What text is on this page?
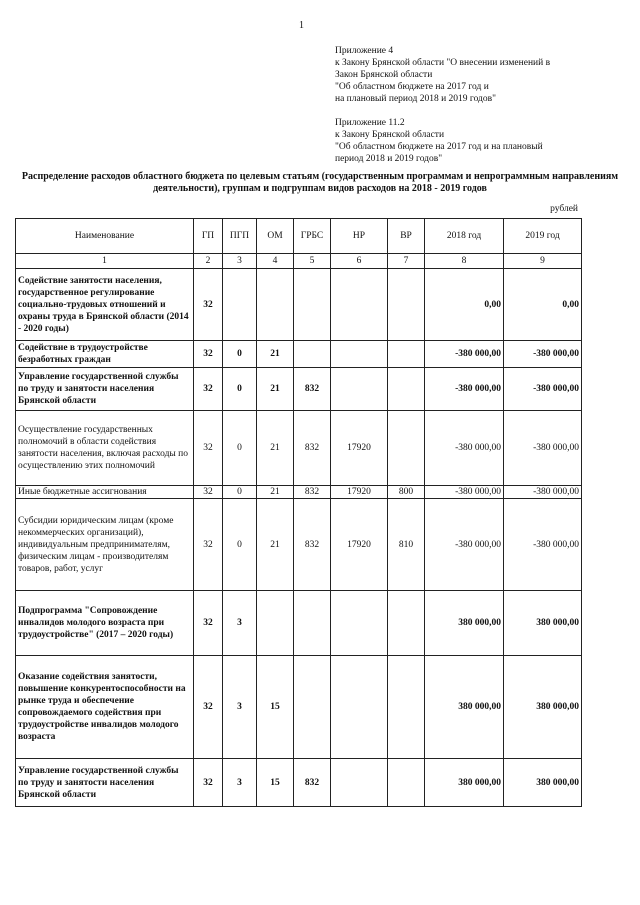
1
Приложение 4
к Закону Брянской области "О внесении изменений в
Закон Брянской области
"Об областном бюджете на 2017 год и
на плановый период 2018 и 2019 годов"
Приложение 11.2
к Закону Брянской области
"Об областном бюджете на 2017 год и на плановый
период 2018 и 2019 годов"
Распределение расходов областного бюджета по целевым статьям (государственным программам и непрограммным направлениям деятельности), группам и подгруппам видов расходов на 2018 - 2019 годов
рублей
Наименование	ГП	ПГП	ОМ	ГРБС	НР	ВР	2018 год	2019 год
1	2	3	4	5	6	7	8	9
Содействие занятости населения, государственное регулирование социально-трудовых отношений и охраны труда в Брянской области (2014 - 2020 годы)	32						0,00	0,00
Содействие в трудоустройстве безработных граждан	32	0	21				-380 000,00	-380 000,00
Управление государственной службы по труду и занятости населения Брянской области	32	0	21	832			-380 000,00	-380 000,00
Осуществление государственных полномочий в области содействия занятости населения, включая расходы по осуществлению этих полномочий	32	0	21	832	17920		-380 000,00	-380 000,00
Иные бюджетные ассигнования	32	0	21	832	17920	800	-380 000,00	-380 000,00
Субсидии юридическим лицам (кроме некоммерческих организаций), индивидуальным предпринимателям, физическим лицам - производителям товаров, работ, услуг	32	0	21	832	17920	810	-380 000,00	-380 000,00
Подпрограмма "Сопровождение инвалидов молодого возраста при трудоустройстве" (2017 – 2020 годы)	32	3					380 000,00	380 000,00
Оказание содействия занятости, повышение конкурентоспособности на рынке труда и обеспечение сопровождаемого содействия при трудоустройстве инвалидов молодого возраста	32	3	15				380 000,00	380 000,00
Управление государственной службы по труду и занятости населения Брянской области	32	3	15	832			380 000,00	380 000,00
